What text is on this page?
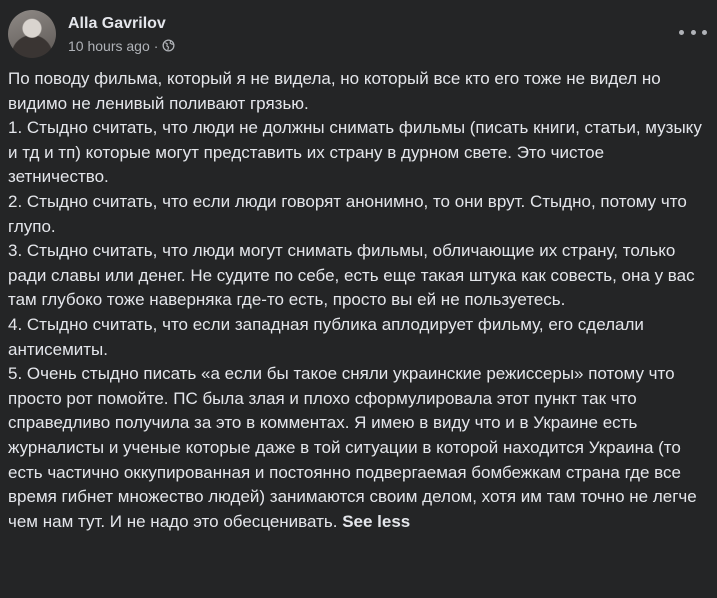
Alla Gavrilov
10 hours ago ·

По поводу фильма, который я не видела, но который все кто его тоже не видел но видимо не ленивый поливают грязью.

1. Стыдно считать, что люди не должны снимать фильмы (писать книги, статьи, музыку и тд и тп) которые могут представить их страну в дурном свете. Это чистое зетничество.

2. Стыдно считать, что если люди говорят анонимно, то они врут. Стыдно, потому что глупо.

3. Стыдно считать, что люди могут снимать фильмы, обличающие их страну, только ради славы или денег. Не судите по себе, есть еще такая штука как совесть, она у вас там глубоко тоже наверняка где-то есть, просто вы ей не пользуетесь.

4. Стыдно считать, что если западная публика аплодирует фильму, его сделали антисемиты.

5. Очень стыдно писать «а если бы такое сняли украинские режиссеры» потому что просто рот помойте. ПС была злая и плохо сформулировала этот пункт так что справедливо получила за это в комментах. Я имею в виду что и в Украине есть журналисты и ученые которые даже в той ситуации в которой находится Украина (то есть частично оккупированная и постоянно подвергаемая бомбежкам страна где все время гибнет множество людей) занимаются своим делом, хотя им там точно не легче чем нам тут. И не надо это обесценивать. See less
